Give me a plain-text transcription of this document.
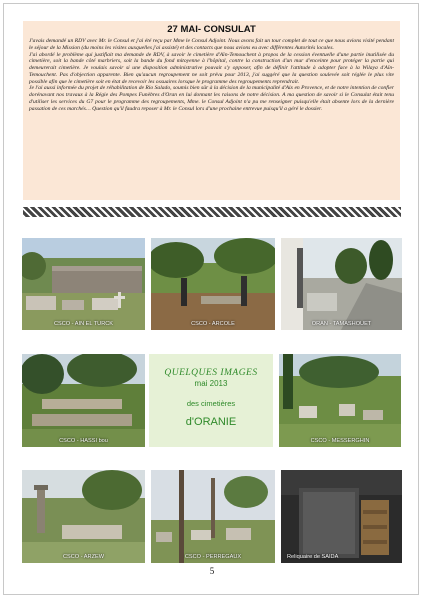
27 MAI- CONSULAT

J'avais demandé un RDV avec Mr. le Consul et j'ai été reçu par Mme le Consul Adjoint. Nous avons fait un tour complet de tout ce que nous avions visité pendant le séjour de la Mission (du moins les visites auxquelles j'ai assisté) et des contacts que nous avions eu avec différentes Autorités locales.

J'ai abordé le problème qui justifiait ma demande de RDV, à savoir le cimetière d'Aïn-Temouchent à propos de la cession éventuelle d'une partie inutilisée du cimetière, soit la bande côté marbriers, soit la bande du fond mitoyenne à l'hôpital, contre la construction d'un mur d'enceinte pour protéger la partie qui demeurerait cimetière. Je voulais savoir si une disposition administrative pouvait s'y opposer, afin de définir l'attitude à adopter face à la Wilaya d'Aïn-Temouchent. Pas d'objection apparente. Bien qu'aucun regroupement ne soit prévu pour 2013, j'ai suggéré que la question soulevée soit réglée le plus vite possible afin que le cimetière soit en état de recevoir les ossuaires lorsque le programme des regroupements reprendrait.

Je l'ai aussi informée du projet de réhabilitation de Rio Salado, soumis bien sûr à la décision de la municipalité d'Aix en Provence, et de notre intention de confier dorénavant nos travaux à la Régie des Pompes Funèbres d'Oran en lui donnant les raisons de notre décision. A ma question de savoir si le Consulat était tenu d'utiliser les services du G7 pour le programme des regroupements, Mme. le Consul Adjoint n'a pu me renseigner puisqu'elle était absente lors de la dernière passation de ces marchés… Question qu'il faudra reposer à Mr. le Consul lors d'une prochaine entrevue puisqu'il a géré le dossier.

CSCO - AIN EL TURCK	CSCO - ARCOLE	ORAN - TAMASHOUET
CSCO - HASSI bou
QUELQUES IMAGES
mai 2013
des cimetières
d'ORANIE
CSCO - MESSERGHIN
CSCO - ARZEW	CSCO - PERREGAUX	Reliquaire de SAIDA
5
